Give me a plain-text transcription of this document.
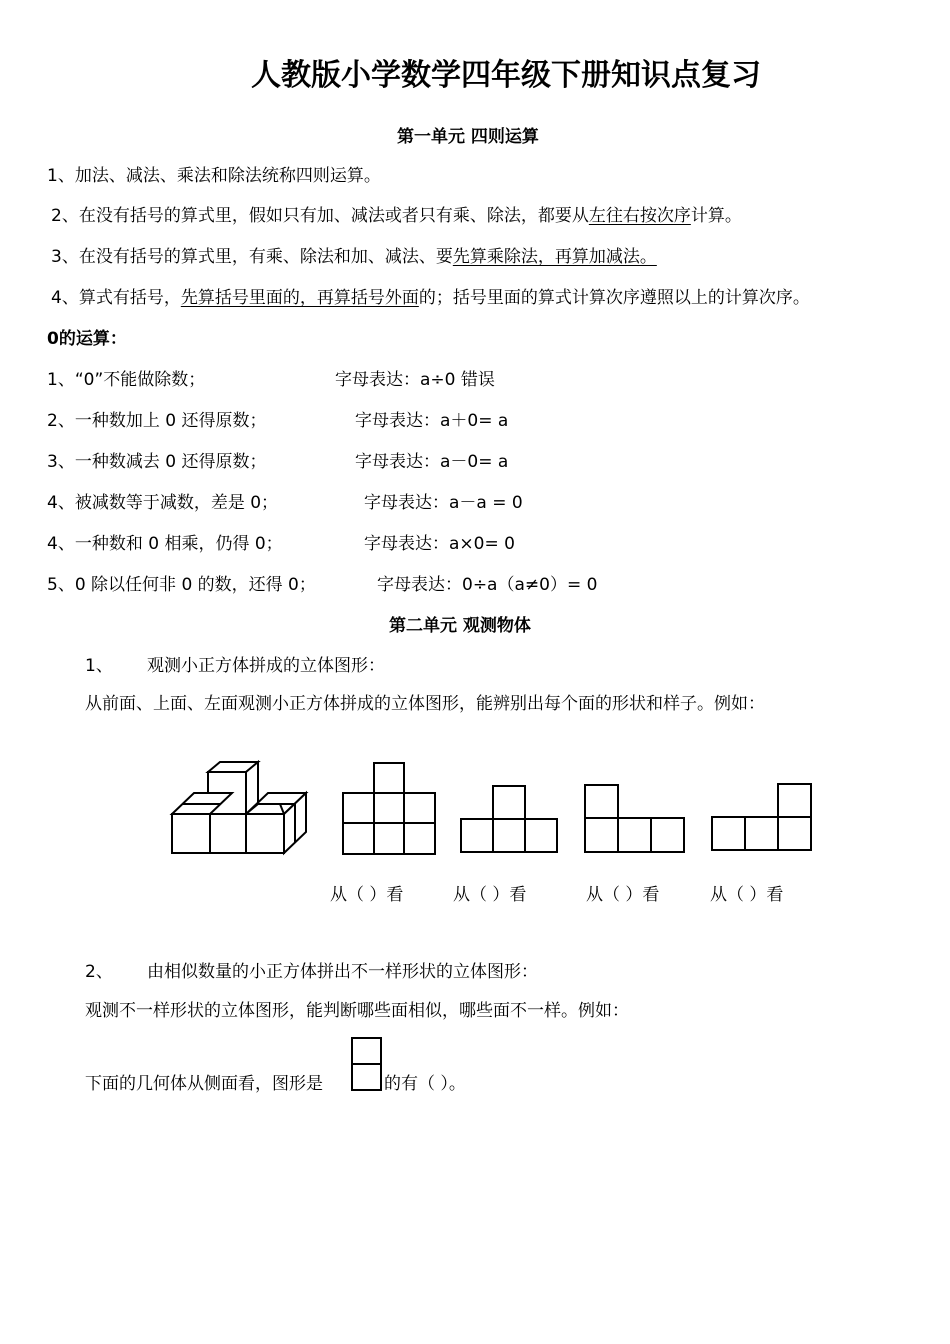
人教版小学数学四年级下册知识点复习
第一单元 四则运算
1、加法、减法、乘法和除法统称四则运算。
2、在没有括号的算式里，假如只有加、减法或者只有乘、除法，都要从左往右按次序计算。
3、在没有括号的算式里，有乘、除法和加、减法、要先算乘除法，再算加减法。
4、算式有括号，先算括号里面的，再算括号外面的；括号里面的算式计算次序遵照以上的计算次序。
0的运算：
1、“0”不能做除数；	字母表达：a÷0 错误
2、一种数加上 0 还得原数；	字母表达：a＋0= a
3、一种数减去 0 还得原数；	字母表达：a－0= a
4、被减数等于减数，差是 0；	字母表达：a－a = 0
4、一种数和 0 相乘，仍得 0；	字母表达：a×0= 0
5、0 除以任何非 0 的数，还得 0；	字母表达：0÷a（a≠0）= 0
第二单元 观测物体
1、 观测小正方体拼成的立体图形：
从前面、上面、左面观测小正方体拼成的立体图形，能辨别出每个面的形状和样子。例如：
从（ ）看	从（ ）看	从（ ）看	从（ ）看
2、 由相似数量的小正方体拼出不一样形状的立体图形：
观测不一样形状的立体图形，能判断哪些面相似，哪些面不一样。例如：
下面的几何体从侧面看，图形是	的有（ ）。
